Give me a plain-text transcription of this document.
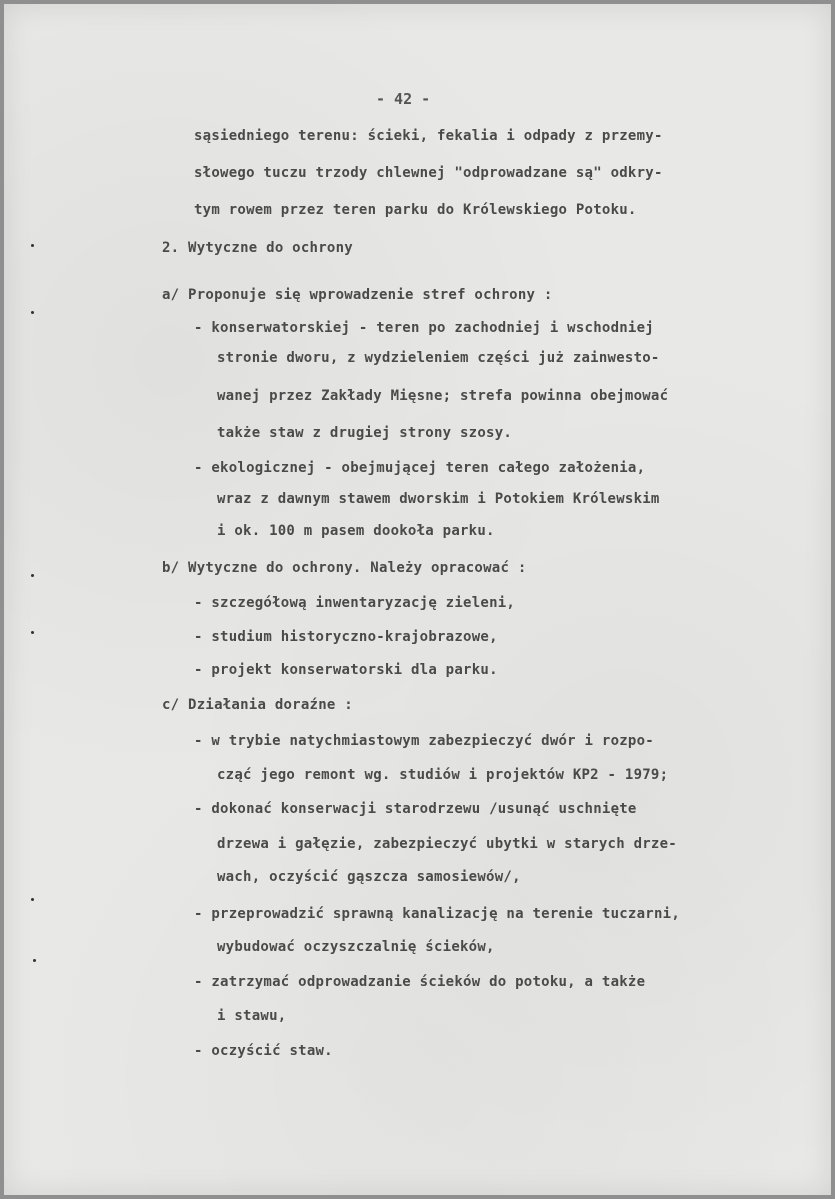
- 42 -
sąsiedniego terenu: ścieki, fekalia i odpady z przemy-
słowego tuczu trzody chlewnej "odprowadzane są" odkry-
tym rowem przez teren parku do Królewskiego Potoku.
2. Wytyczne do ochrony
a/ Proponuje się wprowadzenie stref ochrony :
- konserwatorskiej - teren po zachodniej i wschodniej
stronie dworu, z wydzieleniem części już zainwesto-
wanej przez Zakłady Mięsne; strefa powinna obejmować
także staw z drugiej strony szosy.
- ekologicznej - obejmującej teren całego założenia,
wraz z dawnym stawem dworskim i Potokiem Królewskim
i ok. 100 m pasem dookoła parku.
b/ Wytyczne do ochrony. Należy opracować :
- szczegółową inwentaryzację zieleni,
- studium historyczno-krajobrazowe,
- projekt konserwatorski dla parku.
c/ Działania doraźne :
- w trybie natychmiastowym zabezpieczyć dwór i rozpo-
cząć jego remont wg. studiów i projektów KP2 - 1979;
- dokonać konserwacji starodrzewu /usunąć uschnięte
drzewa i gałęzie, zabezpieczyć ubytki w starych drze-
wach, oczyścić gąszcza samosiewów/,
- przeprowadzić sprawną kanalizację na terenie tuczarni,
wybudować oczyszczalnię ścieków,
- zatrzymać odprowadzanie ścieków do potoku, a także
i stawu,
- oczyścić staw.
